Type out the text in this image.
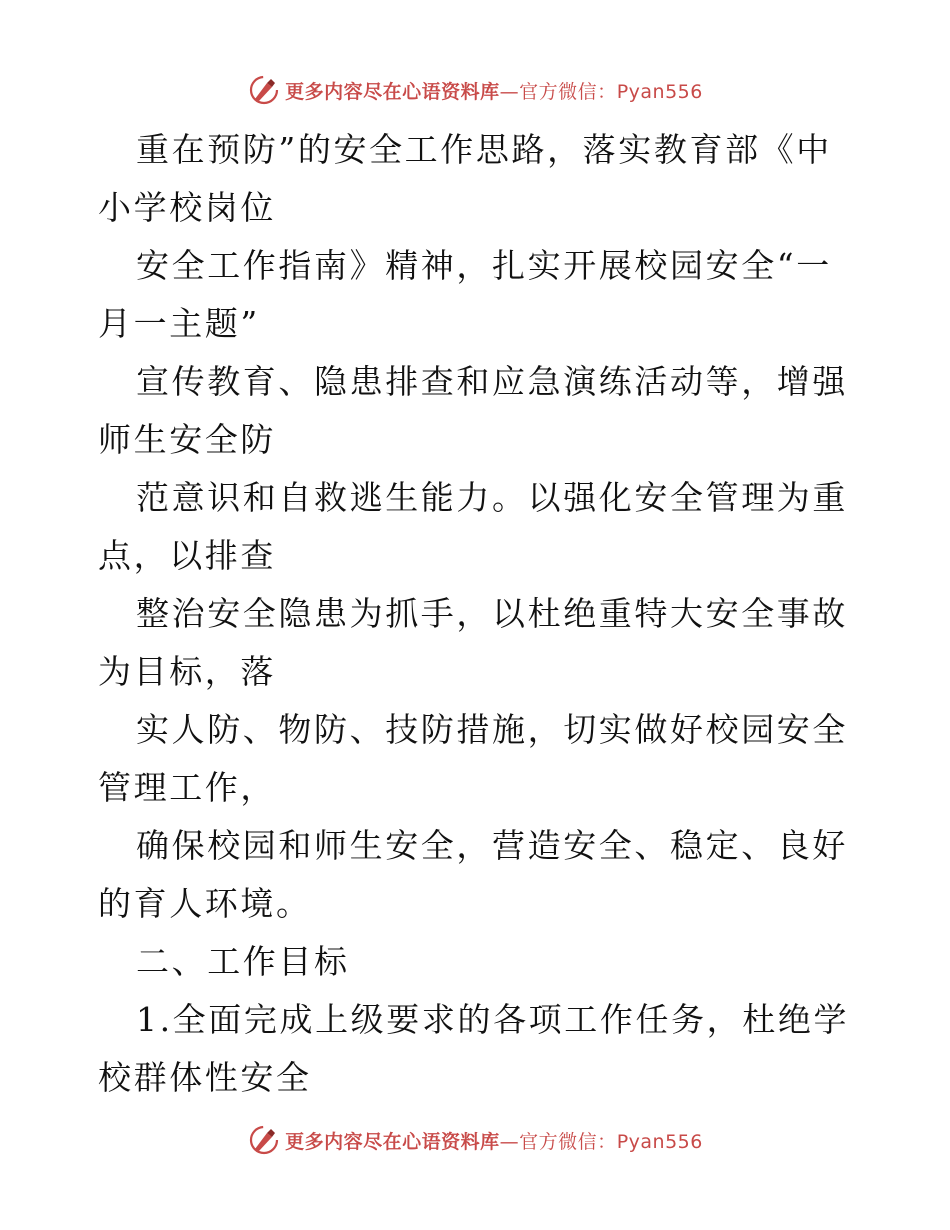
更多内容尽在心语资料库—官方微信：Pyan556

重在预防”的安全工作思路，落实教育部《中小学校岗位

安全工作指南》精神，扎实开展校园安全“一月一主题”

宣传教育、隐患排查和应急演练活动等，增强师生安全防

范意识和自救逃生能力。以强化安全管理为重点，以排查

整治安全隐患为抓手，以杜绝重特大安全事故为目标，落

实人防、物防、技防措施，切实做好校园安全管理工作，

确保校园和师生安全，营造安全、稳定、良好的育人环境。

二、工作目标

1.全面完成上级要求的各项工作任务，杜绝学校群体性安全

更多内容尽在心语资料库—官方微信：Pyan556
